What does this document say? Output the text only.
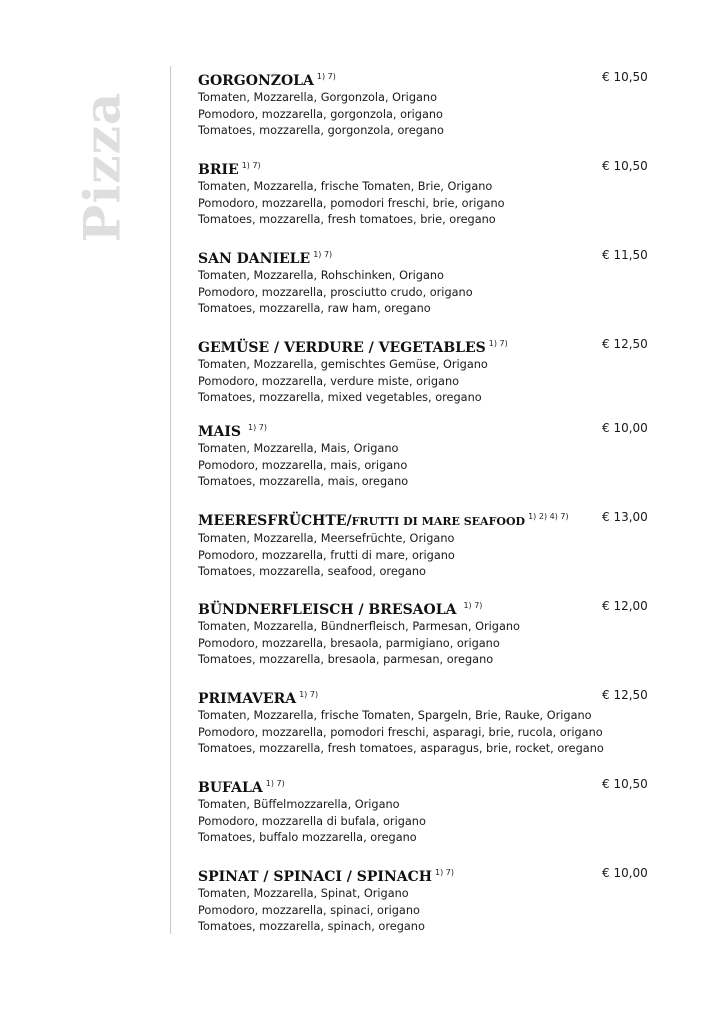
Pizza
GORGONZOLA $^{1) 7)}$	€ 10,50
Tomaten, Mozzarella, Gorgonzola, Origano
Pomodoro, mozzarella, gorgonzola, origano
Tomatoes, mozzarella, gorgonzola, oregano
BRIE $^{1) 7)}$	€ 10,50
Tomaten, Mozzarella, frische Tomaten, Brie, Origano
Pomodoro, mozzarella, pomodori freschi, brie, origano
Tomatoes, mozzarella, fresh tomatoes, brie, oregano
SAN DANIELE $^{1) 7)}$	€ 11,50
Tomaten, Mozzarella, Rohschinken, Origano
Pomodoro, mozzarella, prosciutto crudo, origano
Tomatoes, mozzarella, raw ham, oregano
GEMÜSE / VERDURE / VEGETABLES $^{1) 7)}$	€ 12,50
Tomaten, Mozzarella, gemischtes Gemüse, Origano
Pomodoro, mozzarella, verdure miste, origano
Tomatoes, mozzarella, mixed vegetables, oregano
MAIS $^{1) 7)}$	€ 10,00
Tomaten, Mozzarella, Mais, Origano
Pomodoro, mozzarella, mais, origano
Tomatoes, mozzarella, mais, oregano
MEERESFRÜCHTE/FRUTTI DI MARE SEAFOOD $^{1) 2) 4) 7)}$	€ 13,00
Tomaten, Mozzarella, Meersefrüchte, Origano
Pomodoro, mozzarella, frutti di mare, origano
Tomatoes, mozzarella, seafood, oregano
BÜNDNERFLEISCH / BRESAOLA $^{1) 7)}$	€ 12,00
Tomaten, Mozzarella, Bündnerfleisch, Parmesan, Origano
Pomodoro, mozzarella, bresaola, parmigiano, origano
Tomatoes, mozzarella, bresaola, parmesan, oregano
PRIMAVERA $^{1) 7)}$	€ 12,50
Tomaten, Mozzarella, frische Tomaten, Spargeln, Brie, Rauke, Origano
Pomodoro, mozzarella, pomodori freschi, asparagi, brie, rucola, origano
Tomatoes, mozzarella, fresh tomatoes, asparagus, brie, rocket, oregano
BUFALA $^{1) 7)}$	€ 10,50
Tomaten, Büffelmozzarella, Origano
Pomodoro, mozzarella di bufala, origano
Tomatoes, buffalo mozzarella, oregano
SPINAT / SPINACI / SPINACH $^{1) 7)}$	€ 10,00
Tomaten, Mozzarella, Spinat, Origano
Pomodoro, mozzarella, spinaci, origano
Tomatoes, mozzarella, spinach, oregano
